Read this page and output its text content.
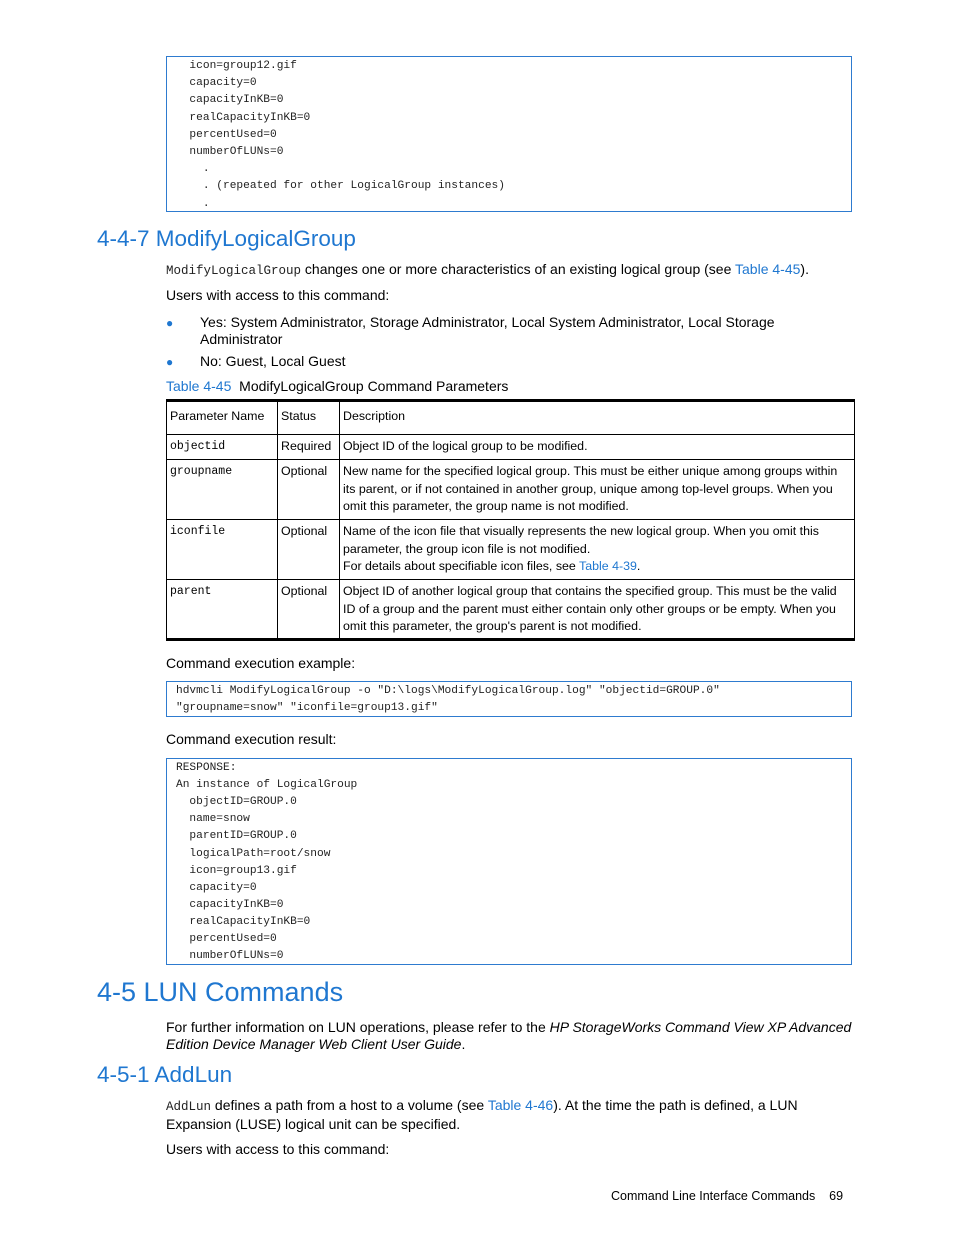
icon=group12.gif
capacity=0
capacityInKB=0
realCapacityInKB=0
percentUsed=0
numberOfLUNs=0
.
. (repeated for other LogicalGroup instances)
.
4-4-7 ModifyLogicalGroup
ModifyLogicalGroup changes one or more characteristics of an existing logical group (see Table 4-45).
Users with access to this command:
● Yes: System Administrator, Storage Administrator, Local System Administrator, Local Storage Administrator
● No: Guest, Local Guest
Table 4-45 ModifyLogicalGroup Command Parameters
Parameter Name	Status	Description
objectid	Required	Object ID of the logical group to be modified.
groupname	Optional	New name for the specified logical group. This must be either unique among groups within its parent, or if not contained in another group, unique among top-level groups. When you omit this parameter, the group name is not modified.
iconfile	Optional	Name of the icon file that visually represents the new logical group. When you omit this parameter, the group icon file is not modified.
For details about specifiable icon files, see Table 4-39.

parent	Optional	Object ID of another logical group that contains the specified group. This must be the valid ID of a group and the parent must either contain only other groups or be empty. When you omit this parameter, the group's parent is not modified.
Command execution example:
hdvmcli ModifyLogicalGroup -o "D:\logs\ModifyLogicalGroup.log" "objectid=GROUP.0"
"groupname=snow" "iconfile=group13.gif"
Command execution result:
RESPONSE:
An instance of LogicalGroup
objectID=GROUP.0
name=snow
parentID=GROUP.0
logicalPath=root/snow
icon=group13.gif
capacity=0
capacityInKB=0
realCapacityInKB=0
percentUsed=0
numberOfLUNs=0
4-5 LUN Commands
For further information on LUN operations, please refer to the HP StorageWorks Command View XP Advanced
Edition Device Manager Web Client User Guide.
4-5-1 AddLun
AddLun defines a path from a host to a volume (see Table 4-46). At the time the path is defined, a LUN
Expansion (LUSE) logical unit can be specified.
Users with access to this command:
Command Line Interface Commands 69
